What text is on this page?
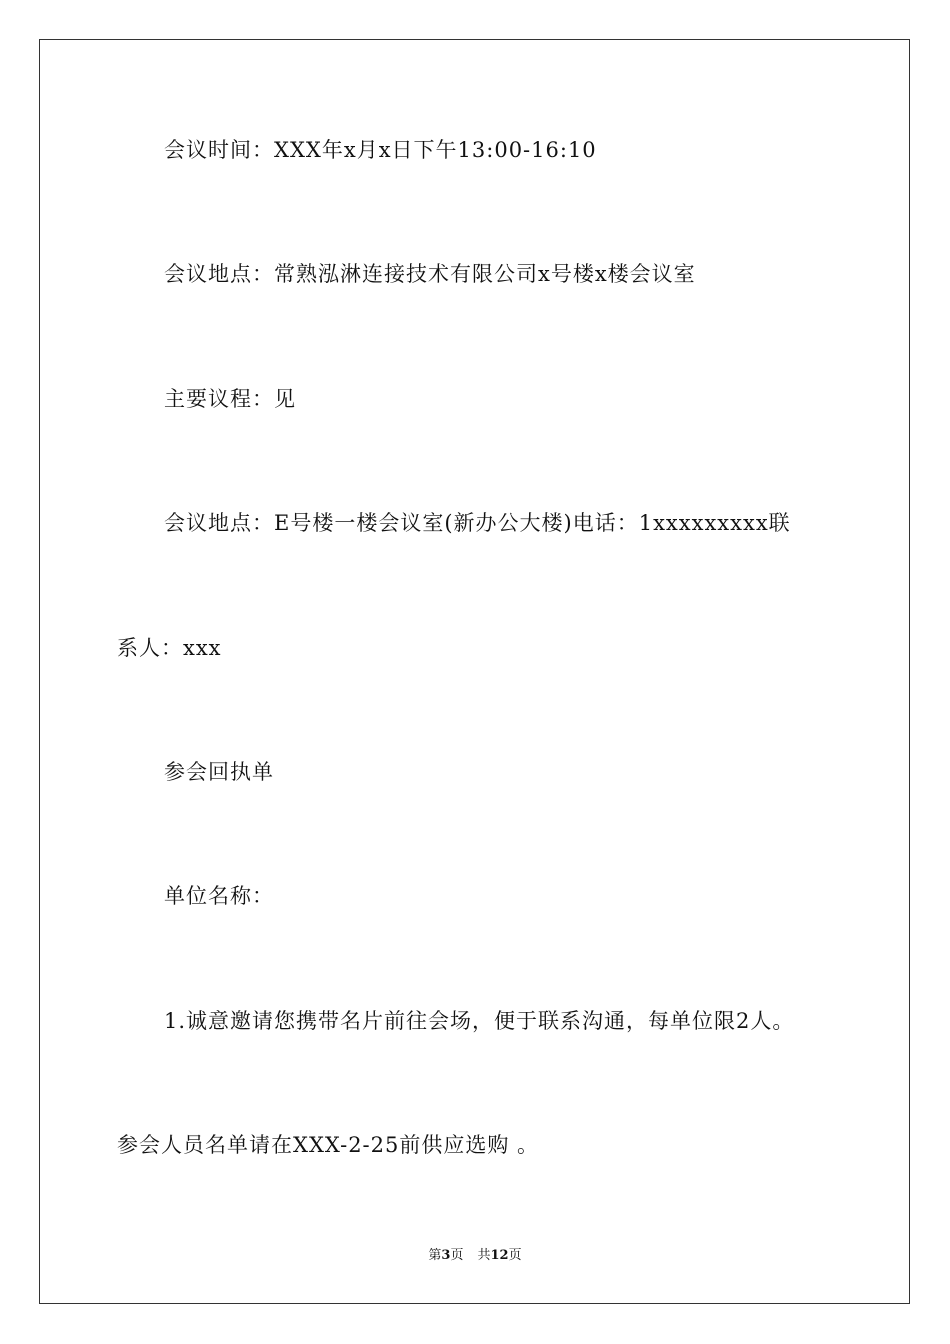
会议时间：XXX年x月x日下午13:00-16:10
会议地点：常熟泓淋连接技术有限公司x号楼x楼会议室
主要议程：见
会议地点：E号楼一楼会议室(新办公大楼)电话：1xxxxxxxxx联
系人：xxx
参会回执单
单位名称：
1.诚意邀请您携带名片前往会场，便于联系沟通，每单位限2人。
参会人员名单请在XXX-2-25前供应选购 。
第3页 共12页
